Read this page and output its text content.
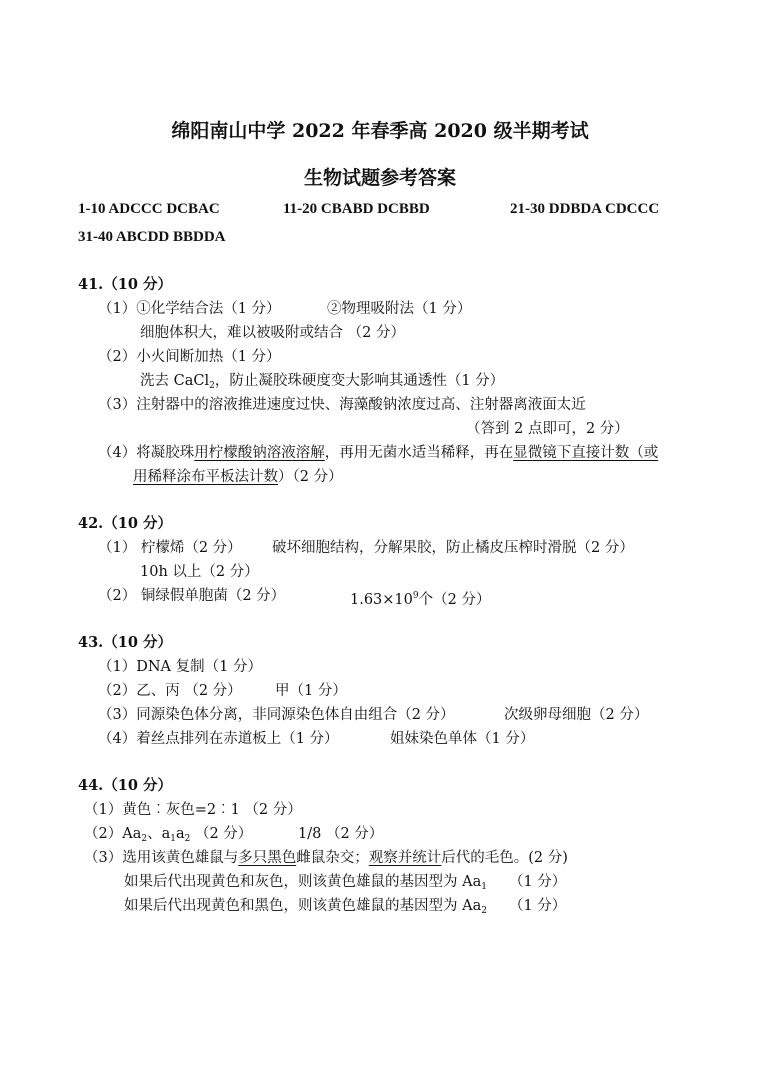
绵阳南山中学 2022 年春季高 2020 级半期考试
生物试题参考答案
1-10 ADCCC DCBAC	11-20 CBABD DCBBD	21-30 DDBDA CDCCC
31-40 ABCDD BBDDA
41.（10 分）
（1）①化学结合法（1 分）	②物理吸附法（1 分）
细胞体积大，难以被吸附或结合 （2 分）
（2）小火间断加热（1 分）
洗去 CaCl$_2$，防止凝胶珠硬度变大影响其通透性（1 分）
（3）注射器中的溶液推进速度过快、海藻酸钠浓度过高、注射器离液面太近
（答到 2 点即可，2 分）
（4）将凝胶珠用柠檬酸钠溶液溶解，再用无菌水适当稀释，再在显微镜下直接计数（或
用稀释涂布平板法计数）（2 分）
42.（10 分）
（1） 柠檬烯（2 分） 破坏细胞结构，分解果胶，防止橘皮压榨时滑脱（2 分）
10h 以上（2 分）
（2） 铜绿假单胞菌（2 分）	$1.63\times 10^9$个（2 分）
43.（10 分）
（1）DNA 复制（1 分）
（2）乙、丙 （2 分） 甲（1 分）
（3）同源染色体分离，非同源染色体自由组合（2 分）	次级卵母细胞（2 分）
（4）着丝点排列在赤道板上（1 分）	姐妹染色单体（1 分）
44.（10 分）
（1）黄色︰灰色=2︰1 （2 分）
$(2)Aa_2$、$a_1a_2$ （2 分）	1/8 （2 分）
（3）选用该黄色雄鼠与多只黑色雌鼠杂交；观察并统计后代的毛色。(2 分)
如果后代出现黄色和灰色，则该黄色雄鼠的基因型为 $Aa_1$ （1 分）
如果后代出现黄色和黑色，则该黄色雄鼠的基因型为 $Aa_2$ （1 分）
